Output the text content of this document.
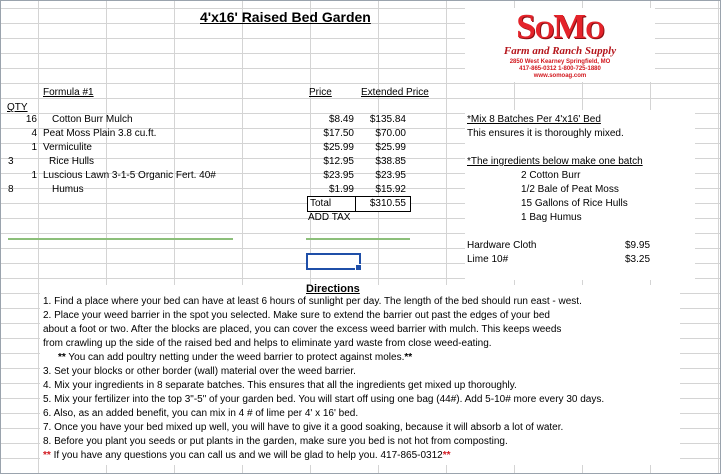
4'x16' Raised Bed Garden	SoMo
Farm and Ranch Supply
2850 West Kearney Springfield, MO
417-865-0312 1-800-725-1880
www.somoag.com
Formula #1	Price	Extended Price
QTY
16 Cotton Burr Mulch	$8.49	$135.84
4 Peat Moss Plain 3.8 cu.ft.	$17.50	$70.00
1 Vermiculite	$25.99	$25.99
3	Rice Hulls	$12.95	$38.85
1 Luscious Lawn 3-1-5 Organic Fert. 40#	$23.95	$23.95
8	Humus	$1.99	$15.92
Total	$310.55
ADD TAX
*Mix 8 Batches Per 4'x16' Bed
This ensures it is thoroughly mixed.
*The ingredients below make one batch
2 Cotton Burr
1/2 Bale of Peat Moss
15 Gallons of Rice Hulls
1 Bag Humus
Hardware Cloth	$9.95
Lime 10#	$3.25
Directions
1. Find a place where your bed can have at least 6 hours of sunlight per day. The length of the bed should run east - west.
2. Place your weed barrier in the spot you selected. Make sure to extend the barrier out past the edges of your bed
about a foot or two. After the blocks are placed, you can cover the excess weed barrier with mulch. This keeps weeds
from crawling up the side of the raised bed and helps to eliminate yard waste from close weed-eating.
** You can add poultry netting under the weed barrier to protect against moles.**
3. Set your blocks or other border (wall) material over the weed barrier.
4. Mix your ingredients in 8 separate batches. This ensures that all the ingredients get mixed up thoroughly.
5. Mix your fertilizer into the top 3"-5" of your garden bed. You will start off using one bag (44#). Add 5-10# more every 30 days.
6. Also, as an added benefit, you can mix in 4 # of lime per 4' x 16' bed.
7. Once you have your bed mixed up well, you will have to give it a good soaking, because it will absorb a lot of water.
8. Before you plant you seeds or put plants in the garden, make sure you bed is not hot from composting.
** If you have any questions you can call us and we will be glad to help you. 417-865-0312**
